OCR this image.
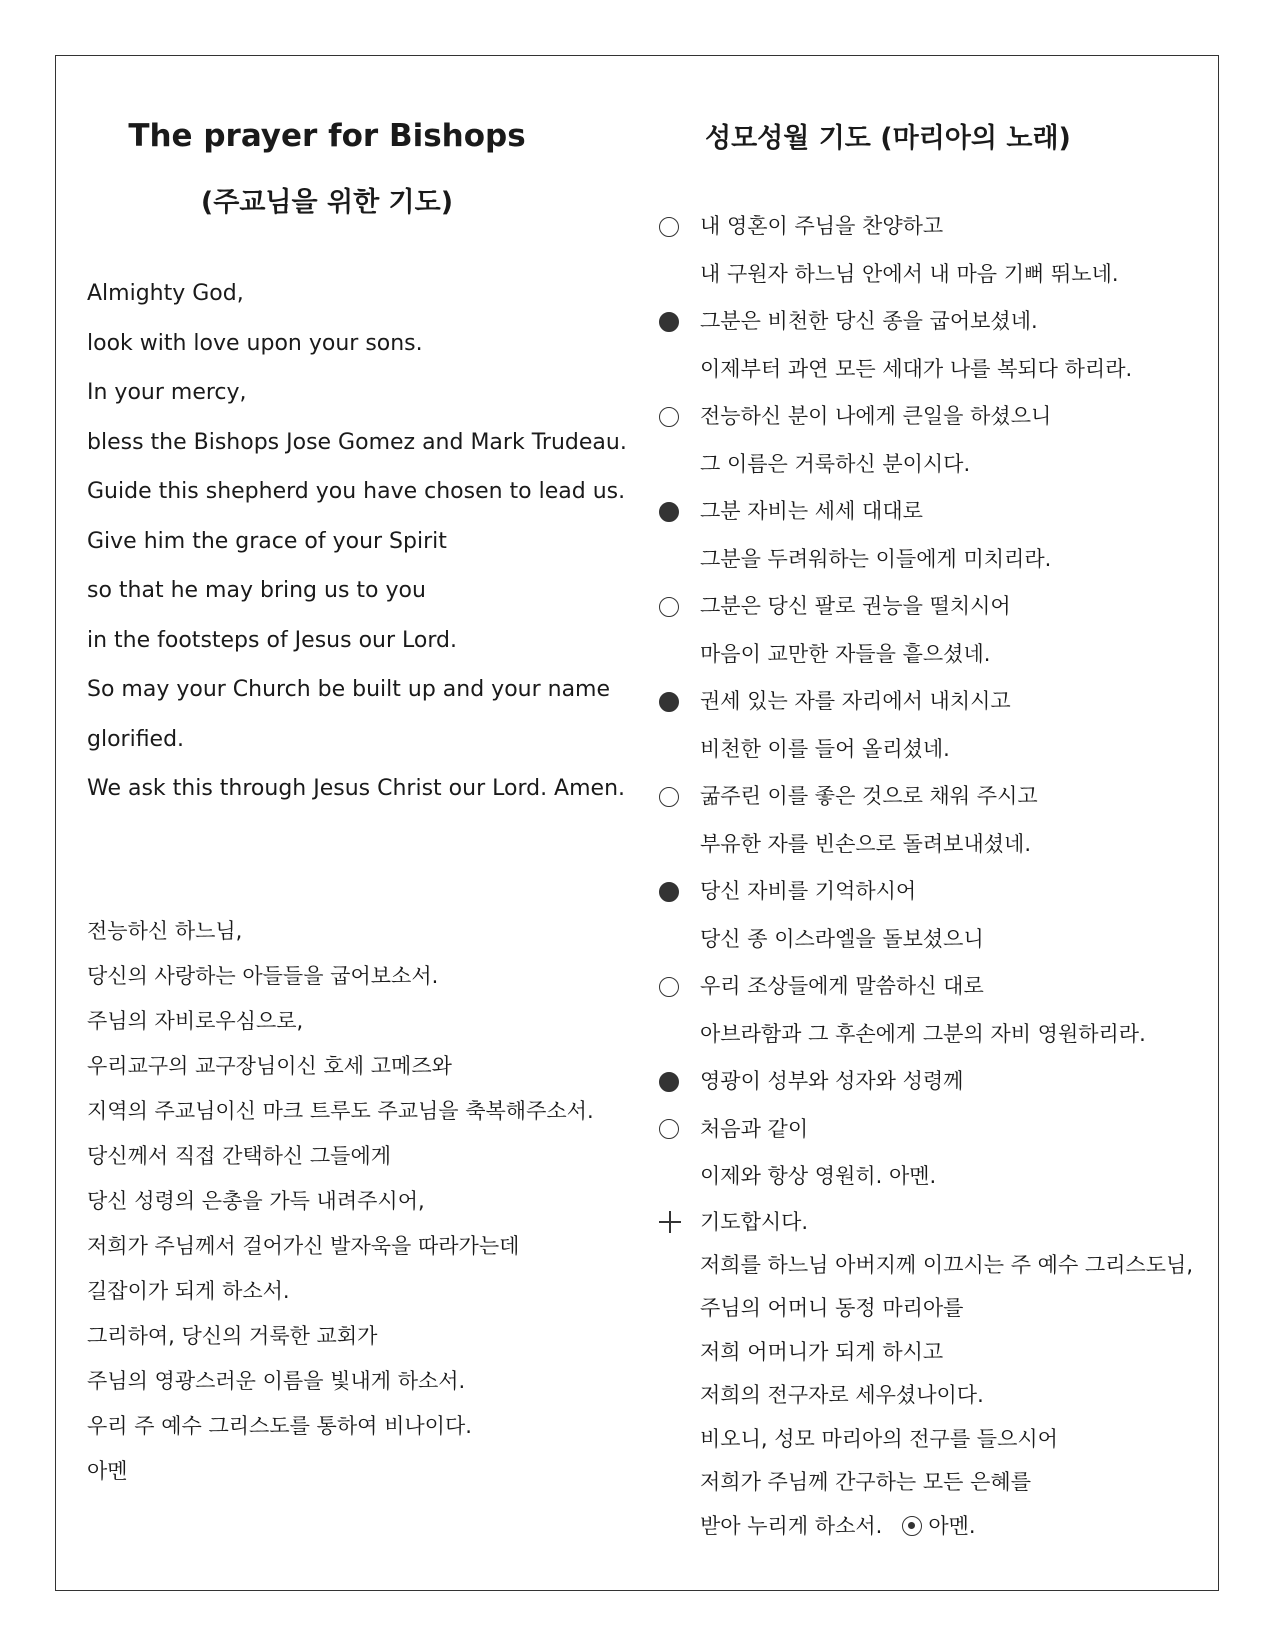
The prayer for Bishops
(주교님을 위한 기도)
Almighty God,
look with love upon your sons.
In your mercy,
bless the Bishops Jose Gomez and Mark Trudeau.
Guide this shepherd you have chosen to lead us.
Give him the grace of your Spirit
so that he may bring us to you
in the footsteps of Jesus our Lord.
So may your Church be built up and your name
glorified.
We ask this through Jesus Christ our Lord. Amen.
전능하신 하느님,
당신의 사랑하는 아들들을 굽어보소서.
주님의 자비로우심으로,
우리교구의 교구장님이신 호세 고메즈와
지역의 주교님이신 마크 트루도 주교님을 축복해주소서.
당신께서 직접 간택하신 그들에게
당신 성령의 은총을 가득 내려주시어,
저희가 주님께서 걸어가신 발자욱을 따라가는데
길잡이가 되게 하소서.
그리하여, 당신의 거룩한 교회가
주님의 영광스러운 이름을 빛내게 하소서.
우리 주 예수 그리스도를 통하여 비나이다.
아멘
성모성월 기도 (마리아의 노래)
내 영혼이 주님을 찬양하고
내 구원자 하느님 안에서 내 마음 기뻐 뛰노네.
그분은 비천한 당신 종을 굽어보셨네.
이제부터 과연 모든 세대가 나를 복되다 하리라.
전능하신 분이 나에게 큰일을 하셨으니
그 이름은 거룩하신 분이시다.
그분 자비는 세세 대대로
그분을 두려워하는 이들에게 미치리라.
그분은 당신 팔로 권능을 떨치시어
마음이 교만한 자들을 흩으셨네.
권세 있는 자를 자리에서 내치시고
비천한 이를 들어 올리셨네.
굶주린 이를 좋은 것으로 채워 주시고
부유한 자를 빈손으로 돌려보내셨네.
당신 자비를 기억하시어
당신 종 이스라엘을 돌보셨으니
우리 조상들에게 말씀하신 대로
아브라함과 그 후손에게 그분의 자비 영원하리라.
영광이 성부와 성자와 성령께
처음과 같이
이제와 항상 영원히. 아멘.
기도합시다.
저희를 하느님 아버지께 이끄시는 주 예수 그리스도님,
주님의 어머니 동정 마리아를
저희 어머니가 되게 하시고
저희의 전구자로 세우셨나이다.
비오니, 성모 마리아의 전구를 들으시어
저희가 주님께 간구하는 모든 은혜를
받아 누리게 하소서. 아멘.
